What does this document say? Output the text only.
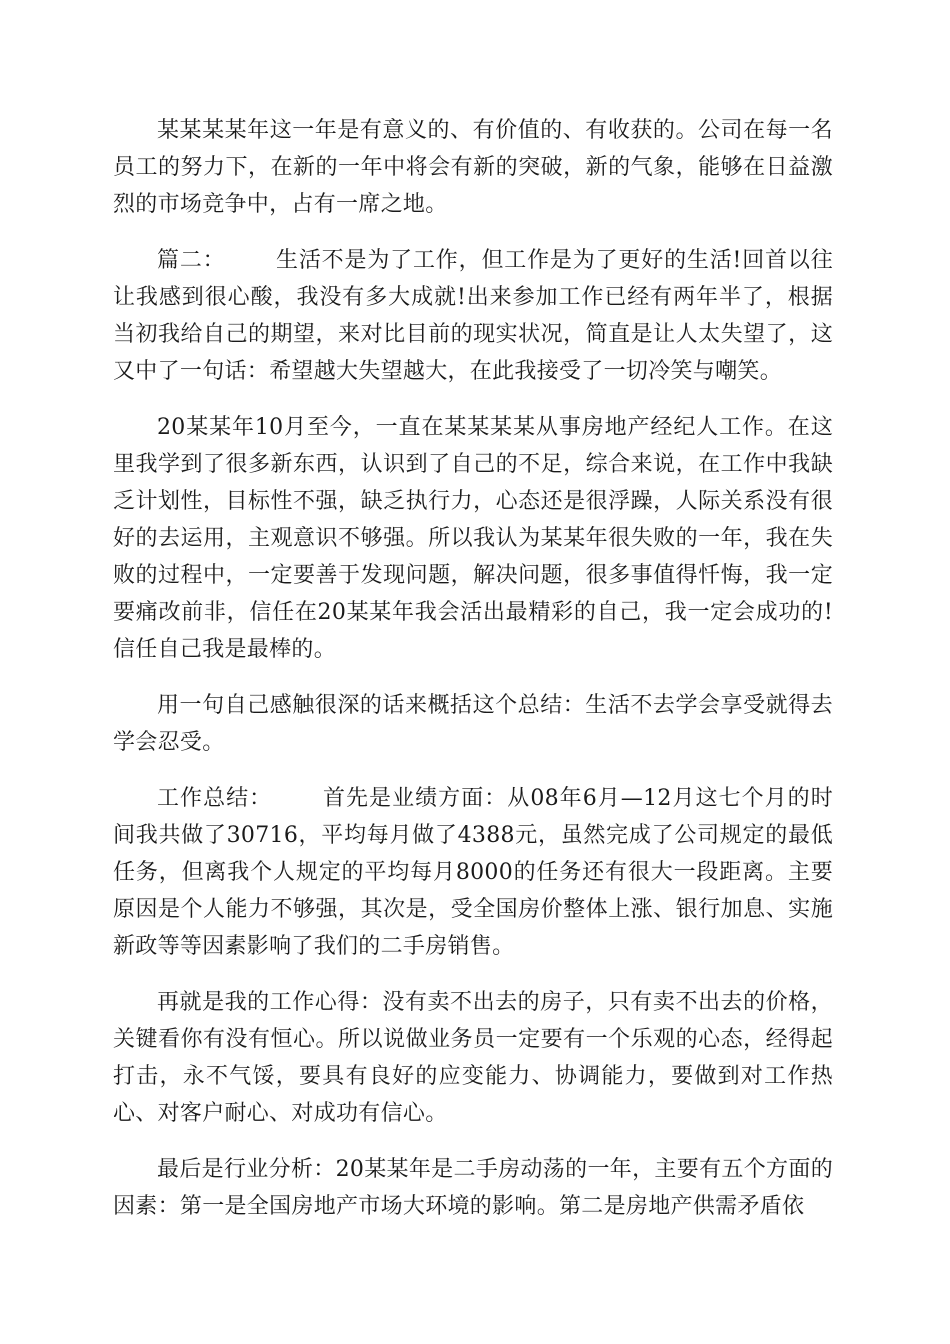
某某某某年这一年是有意义的、有价值的、有收获的。公司在每一名员工的努力下，在新的一年中将会有新的突破，新的气象，能够在日益激烈的市场竞争中，占有一席之地。

篇二： 生活不是为了工作，但工作是为了更好的生活!回首以往让我感到很心酸，我没有多大成就!出来参加工作已经有两年半了，根据当初我给自己的期望，来对比目前的现实状况，简直是让人太失望了，这又中了一句话：希望越大失望越大，在此我接受了一切冷笑与嘲笑。

20某某年10月至今，一直在某某某某从事房地产经纪人工作。在这里我学到了很多新东西，认识到了自己的不足，综合来说，在工作中我缺乏计划性，目标性不强，缺乏执行力，心态还是很浮躁，人际关系没有很好的去运用，主观意识不够强。所以我认为某某年很失败的一年，我在失败的过程中，一定要善于发现问题，解决问题，很多事值得忏悔，我一定要痛改前非，信任在20某某年我会活出最精彩的自己，我一定会成功的!信任自己我是最棒的。

用一句自己感触很深的话来概括这个总结：生活不去学会享受就得去学会忍受。

工作总结： 首先是业绩方面：从08年6月—12月这七个月的时间我共做了30716，平均每月做了4388元，虽然完成了公司规定的最低任务，但离我个人规定的平均每月8000的任务还有很大一段距离。主要原因是个人能力不够强，其次是，受全国房价整体上涨、银行加息、实施新政等等因素影响了我们的二手房销售。

再就是我的工作心得：没有卖不出去的房子，只有卖不出去的价格，关键看你有没有恒心。所以说做业务员一定要有一个乐观的心态，经得起打击，永不气馁，要具有良好的应变能力、协调能力，要做到对工作热心、对客户耐心、对成功有信心。

最后是行业分析：20某某年是二手房动荡的一年，主要有五个方面的因素：第一是全国房地产市场大环境的影响。第二是房地产供需矛盾依
